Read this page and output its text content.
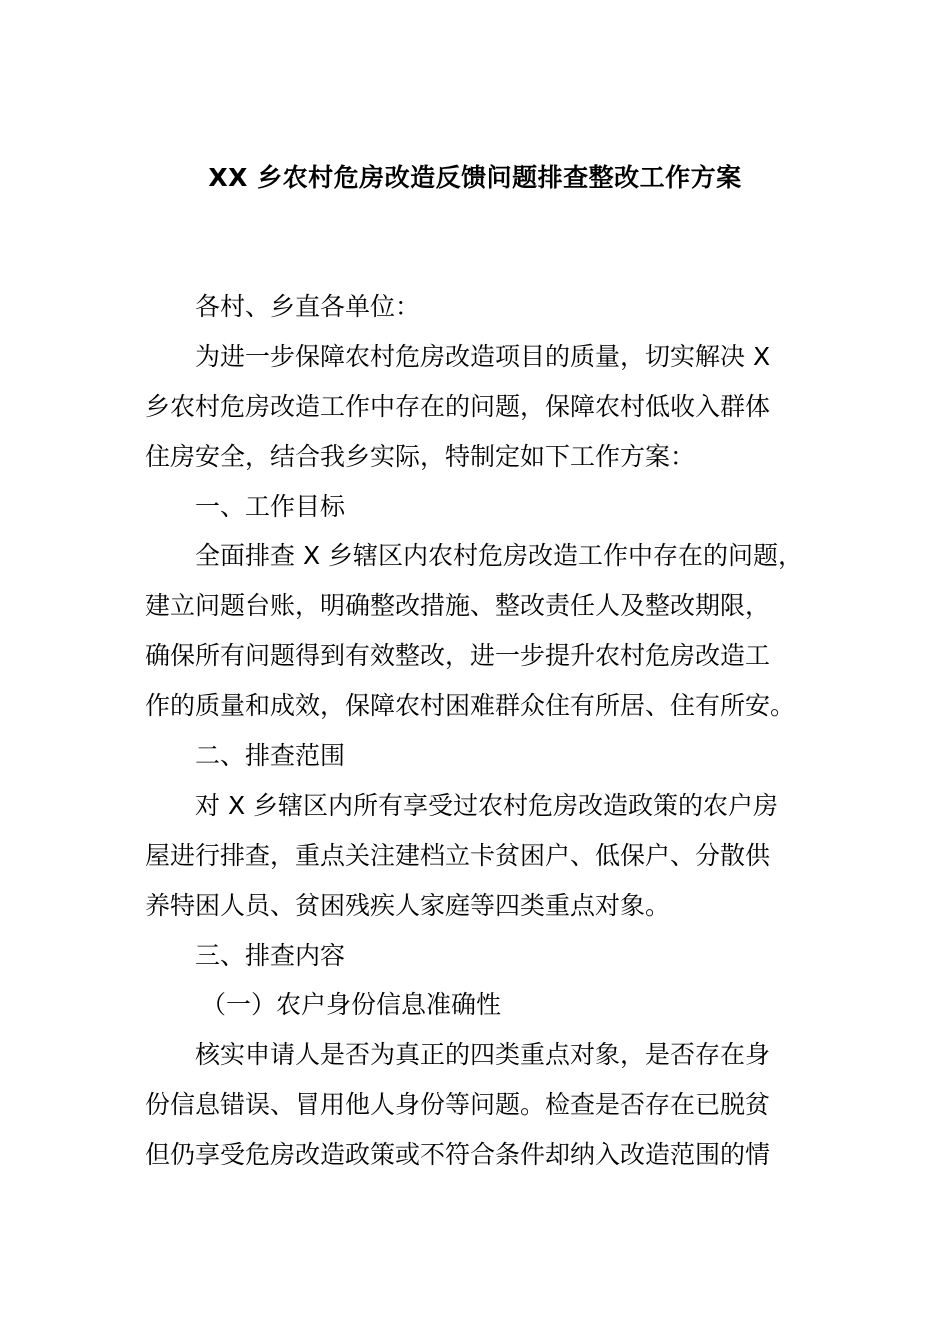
XX 乡农村危房改造反馈问题排查整改工作方案
各村、乡直各单位：
为进一步保障农村危房改造项目的质量，切实解决 X
乡农村危房改造工作中存在的问题，保障农村低收入群体
住房安全，结合我乡实际，特制定如下工作方案：
一、工作目标
全面排查 X 乡辖区内农村危房改造工作中存在的问题，
建立问题台账，明确整改措施、整改责任人及整改期限，
确保所有问题得到有效整改，进一步提升农村危房改造工
作的质量和成效，保障农村困难群众住有所居、住有所安。
二、排查范围
对 X 乡辖区内所有享受过农村危房改造政策的农户房
屋进行排查，重点关注建档立卡贫困户、低保户、分散供
养特困人员、贫困残疾人家庭等四类重点对象。
三、排查内容
（一）农户身份信息准确性
核实申请人是否为真正的四类重点对象，是否存在身
份信息错误、冒用他人身份等问题。检查是否存在已脱贫
但仍享受危房改造政策或不符合条件却纳入改造范围的情
